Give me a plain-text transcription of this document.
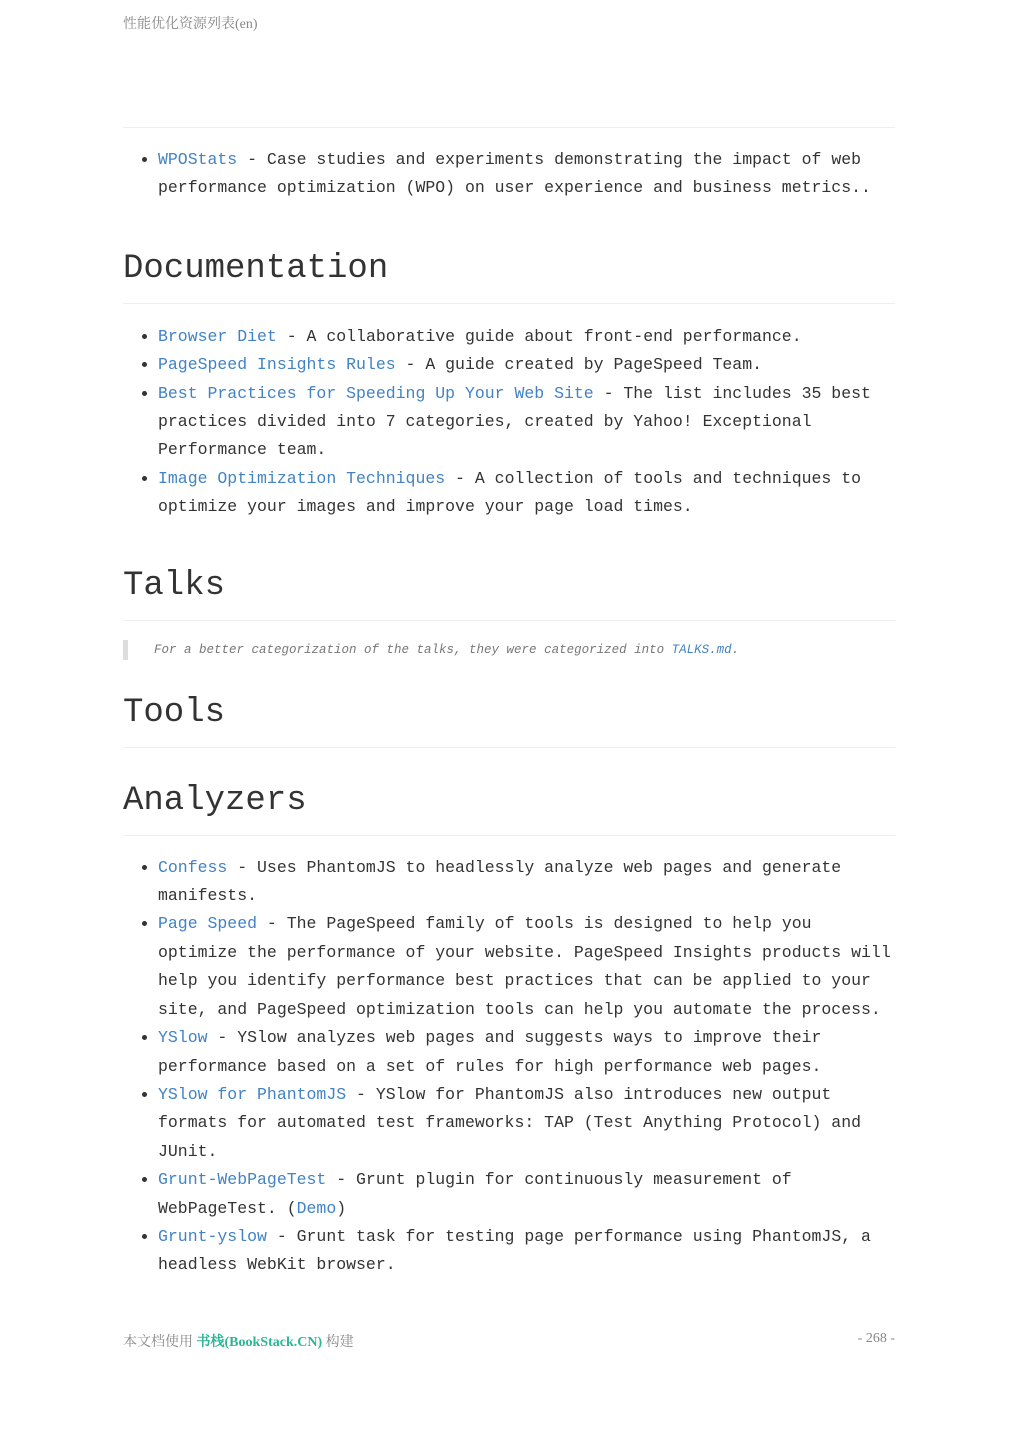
性能优化资源列表(en)
• WPOStats - Case studies and experiments demonstrating the impact of web performance optimization (WPO) on user experience and business metrics..
Documentation
• Browser Diet - A collaborative guide about front-end performance.
• PageSpeed Insights Rules - A guide created by PageSpeed Team.
• Best Practices for Speeding Up Your Web Site - The list includes 35 best practices divided into 7 categories, created by Yahoo! Exceptional Performance team.
• Image Optimization Techniques - A collection of tools and techniques to optimize your images and improve your page load times.
Talks
For a better categorization of the talks, they were categorized into TALKS.md.
Tools
Analyzers
• Confess - Uses PhantomJS to headlessly analyze web pages and generate manifests.
• Page Speed - The PageSpeed family of tools is designed to help you optimize the performance of your website. PageSpeed Insights products will help you identify performance best practices that can be applied to your site, and PageSpeed optimization tools can help you automate the process.
• YSlow - YSlow analyzes web pages and suggests ways to improve their performance based on a set of rules for high performance web pages.
• YSlow for PhantomJS - YSlow for PhantomJS also introduces new output formats for automated test frameworks: TAP (Test Anything Protocol) and JUnit.
• Grunt-WebPageTest - Grunt plugin for continuously measurement of WebPageTest. (Demo)
• Grunt-yslow - Grunt task for testing page performance using PhantomJS, a headless WebKit browser.
本文档使用 书栈(BookStack.CN) 构建	- 268 -
